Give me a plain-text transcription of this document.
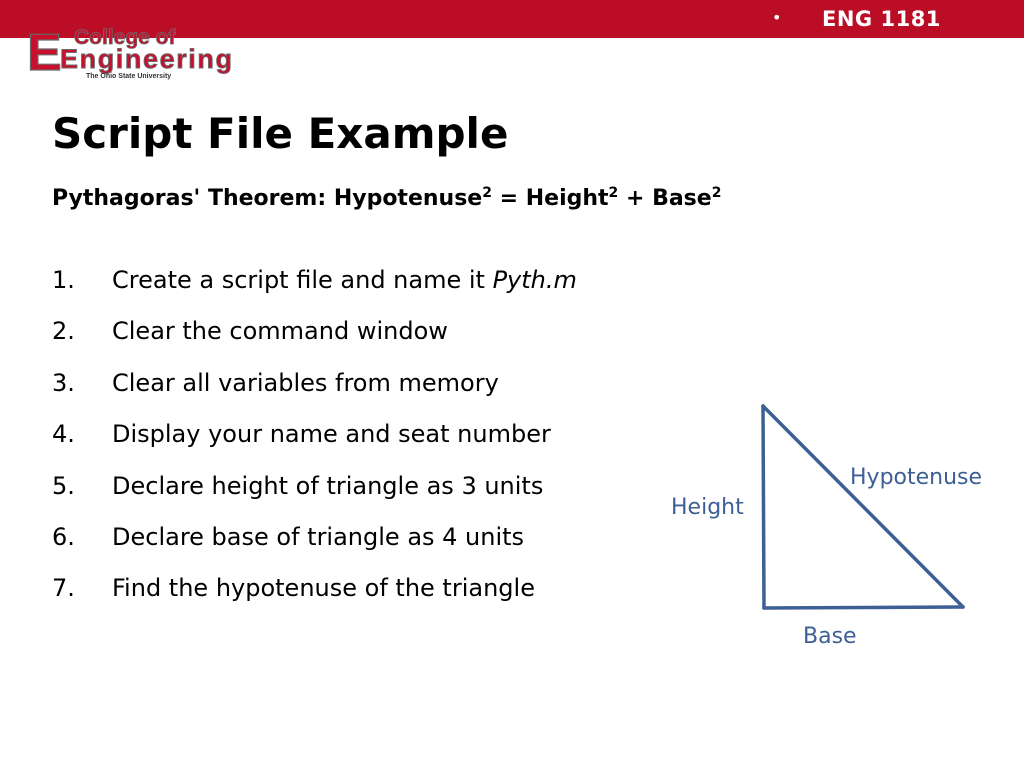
• ENG 1181
E College of
Engineering
The Ohio State University
Script File Example

Pythagoras' Theorem: Hypotenuse$^2$ = Height$^2$ + Base$^2$

1.	Create a script file and name it Pyth.m
2.	Clear the command window
3.	Clear all variables from memory
4.	Display your name and seat number
5.	Declare height of triangle as 3 units
6.	Declare base of triangle as 4 units
7.	Find the hypotenuse of the triangle
Height
Hypotenuse
Base
